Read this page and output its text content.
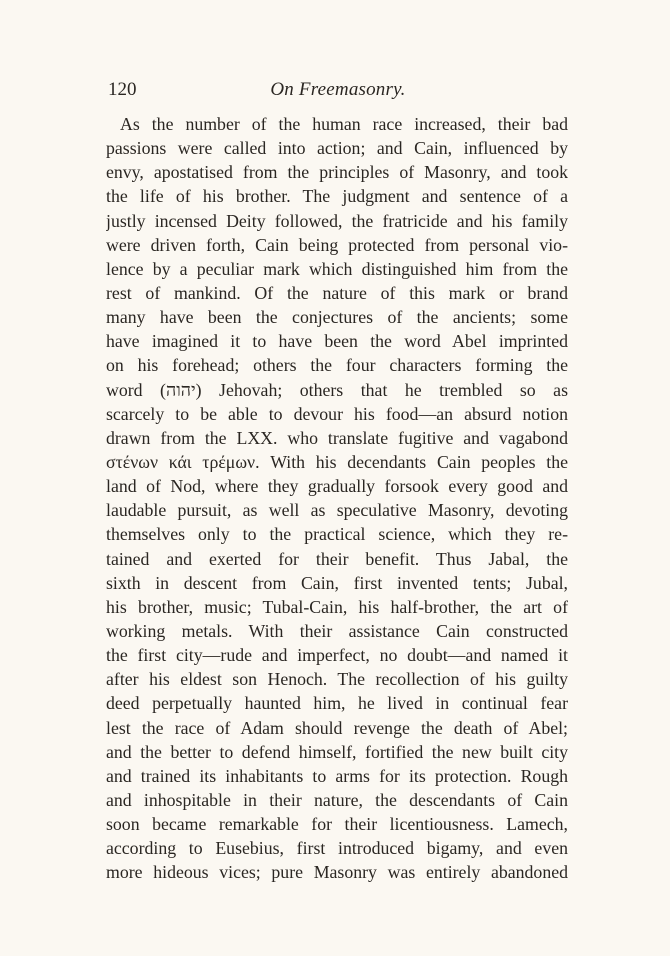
120	On Freemasonry.
As the number of the human race increased, their bad
passions were called into action; and Cain, influenced by
envy, apostatised from the principles of Masonry, and took
the life of his brother. The judgment and sentence of a
justly incensed Deity followed, the fratricide and his family
were driven forth, Cain being protected from personal vio-
lence by a peculiar mark which distinguished him from the
rest of mankind. Of the nature of this mark or brand
many have been the conjectures of the ancients; some
have imagined it to have been the word Abel imprinted
on his forehead; others the four characters forming the
word (יהוה) Jehovah; others that he trembled so as
scarcely to be able to devour his food—an absurd notion
drawn from the LXX. who translate fugitive and vagabond
στένων κάι τρέμων. With his decendants Cain peoples the
land of Nod, where they gradually forsook every good and
laudable pursuit, as well as speculative Masonry, devoting
themselves only to the practical science, which they re-
tained and exerted for their benefit. Thus Jabal, the
sixth in descent from Cain, first invented tents; Jubal,
his brother, music; Tubal-Cain, his half-brother, the art of
working metals. With their assistance Cain constructed
the first city—rude and imperfect, no doubt—and named it
after his eldest son Henoch. The recollection of his guilty
deed perpetually haunted him, he lived in continual fear
lest the race of Adam should revenge the death of Abel;
and the better to defend himself, fortified the new built city
and trained its inhabitants to arms for its protection. Rough
and inhospitable in their nature, the descendants of Cain
soon became remarkable for their licentiousness. Lamech,
according to Eusebius, first introduced bigamy, and even
more hideous vices; pure Masonry was entirely abandoned
